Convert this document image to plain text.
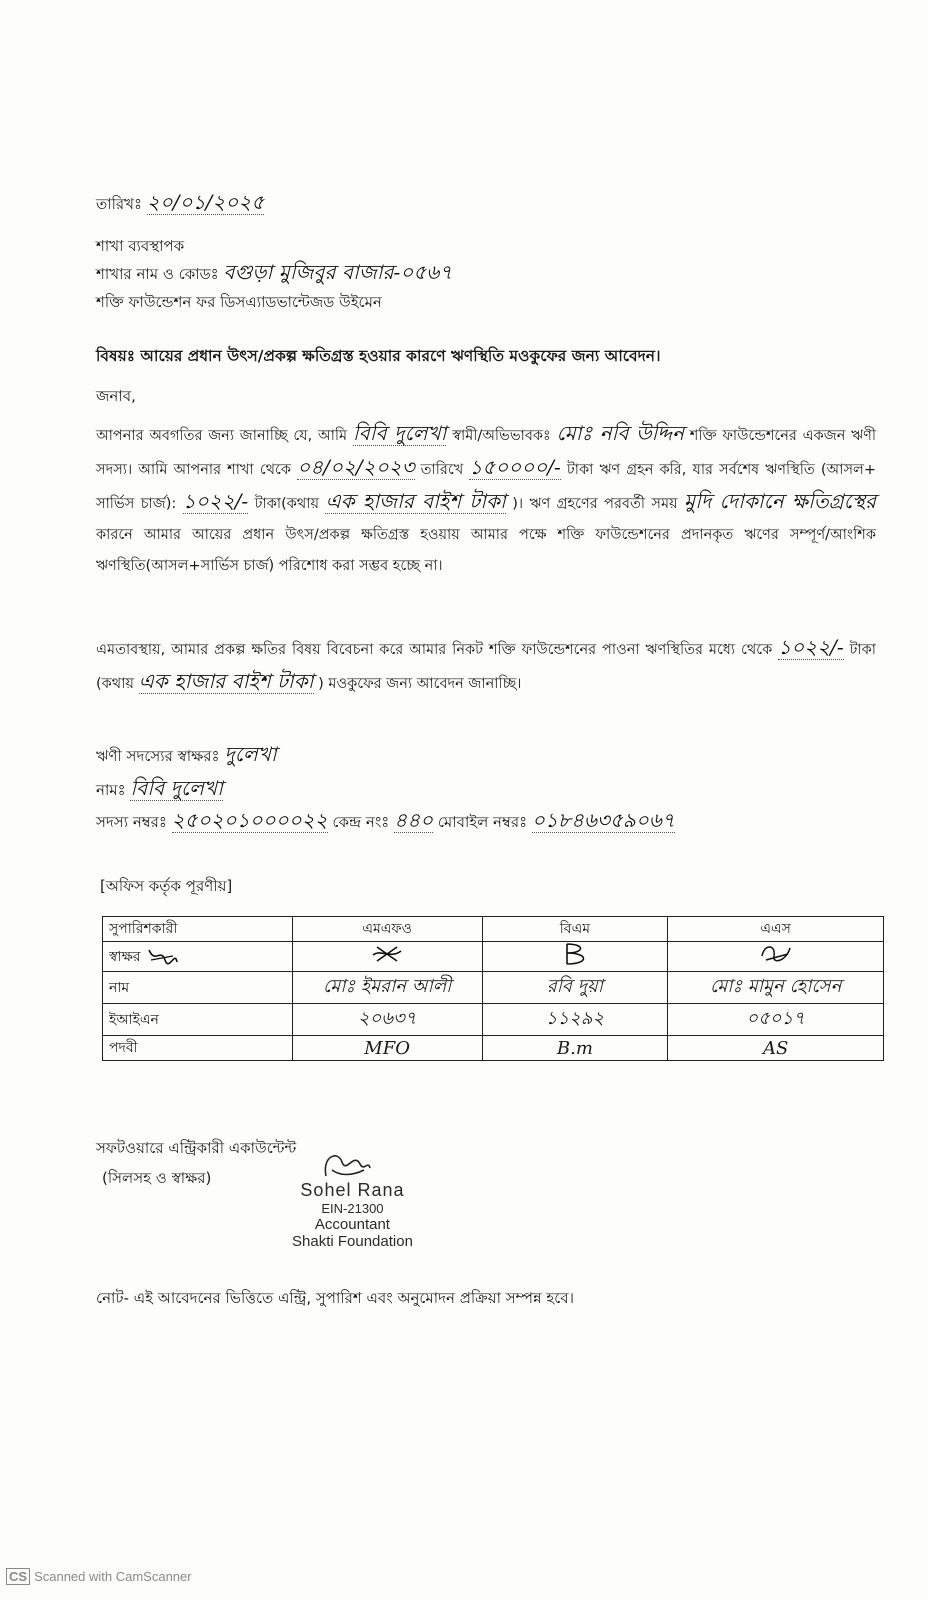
তারিখঃ ২০/০১/২০২৫
শাখা ব্যবস্থাপক
শাখার নাম ও কোডঃ বগুড়া মুজিবুর বাজার-০৫৬৭
শক্তি ফাউন্ডেশন ফর ডিসএ্যাডভান্টেজড উইমেন
বিষয়ঃ আয়ের প্রধান উৎস/প্রকল্প ক্ষতিগ্রস্ত হওয়ার কারণে ঋণস্থিতি মওকুফের জন্য আবেদন।
জনাব,
আপনার অবগতির জন্য জানাচ্ছি যে, আমি বিবি দুলেখা স্বামী/অভিভাবকঃ মোঃ নবি উদ্দিন শক্তি ফাউন্ডেশনের একজন ঋণী সদস্য। আমি আপনার শাখা থেকে ০৪/০২/২০২৩ তারিখে ১৫০০০০/- টাকা ঋণ গ্রহন করি, যার সর্বশেষ ঋণস্থিতি (আসল+ সার্ভিস চার্জ): ১০২২/- টাকা(কথায় এক হাজার বাইশ টাকা )। ঋণ গ্রহণের পরবর্তী সময় মুদি দোকানে ক্ষতিগ্রস্থের কারনে আমার আয়ের প্রধান উৎস/প্রকল্প ক্ষতিগ্রস্ত হওয়ায় আমার পক্ষে শক্তি ফাউন্ডেশনের প্রদানকৃত ঋণের সম্পূর্ণ/আংশিক ঋণস্থিতি(আসল+সার্ভিস চার্জ) পরিশোধ করা সম্ভব হচ্ছে না।
এমতাবস্থায়, আমার প্রকল্প ক্ষতির বিষয় বিবেচনা করে আমার নিকট শক্তি ফাউন্ডেশনের পাওনা ঋণস্থিতির মধ্যে থেকে ১০২২/- টাকা (কথায় এক হাজার বাইশ টাকা ) মওকুফের জন্য আবেদন জানাচ্ছি।
ঋণী সদস্যের স্বাক্ষরঃ দুলেখা
নামঃ বিবি দুলেখা
সদস্য নম্বরঃ ২৫০২০১০০০০২২ কেন্দ্র নংঃ ৪৪০ মোবাইল নম্বরঃ ০১৮৪৬৩৫৯০৬৭
[অফিস কর্তৃক পূরণীয়]
সুপারিশকারী	এমএফও	বিএম	এএস
স্বাক্ষর			
নাম	মোঃ ইমরান আলী	রবি দুয়া	মোঃ মামুন হোসেন
ইআইএন	২০৬৩৭	১১২৯২	০৫০১৭
পদবী	MFO	B.m	AS
সফটওয়ারে এন্ট্রিকারী একাউন্টেন্ট
(সিলসহ ও স্বাক্ষর)
Sohel Rana
EIN-21300
Accountant
Shakti Foundation
নোট- এই আবেদনের ভিত্তিতে এন্ট্রি, সুপারিশ এবং অনুমোদন প্রক্রিয়া সম্পন্ন হবে।
CS Scanned with CamScanner
